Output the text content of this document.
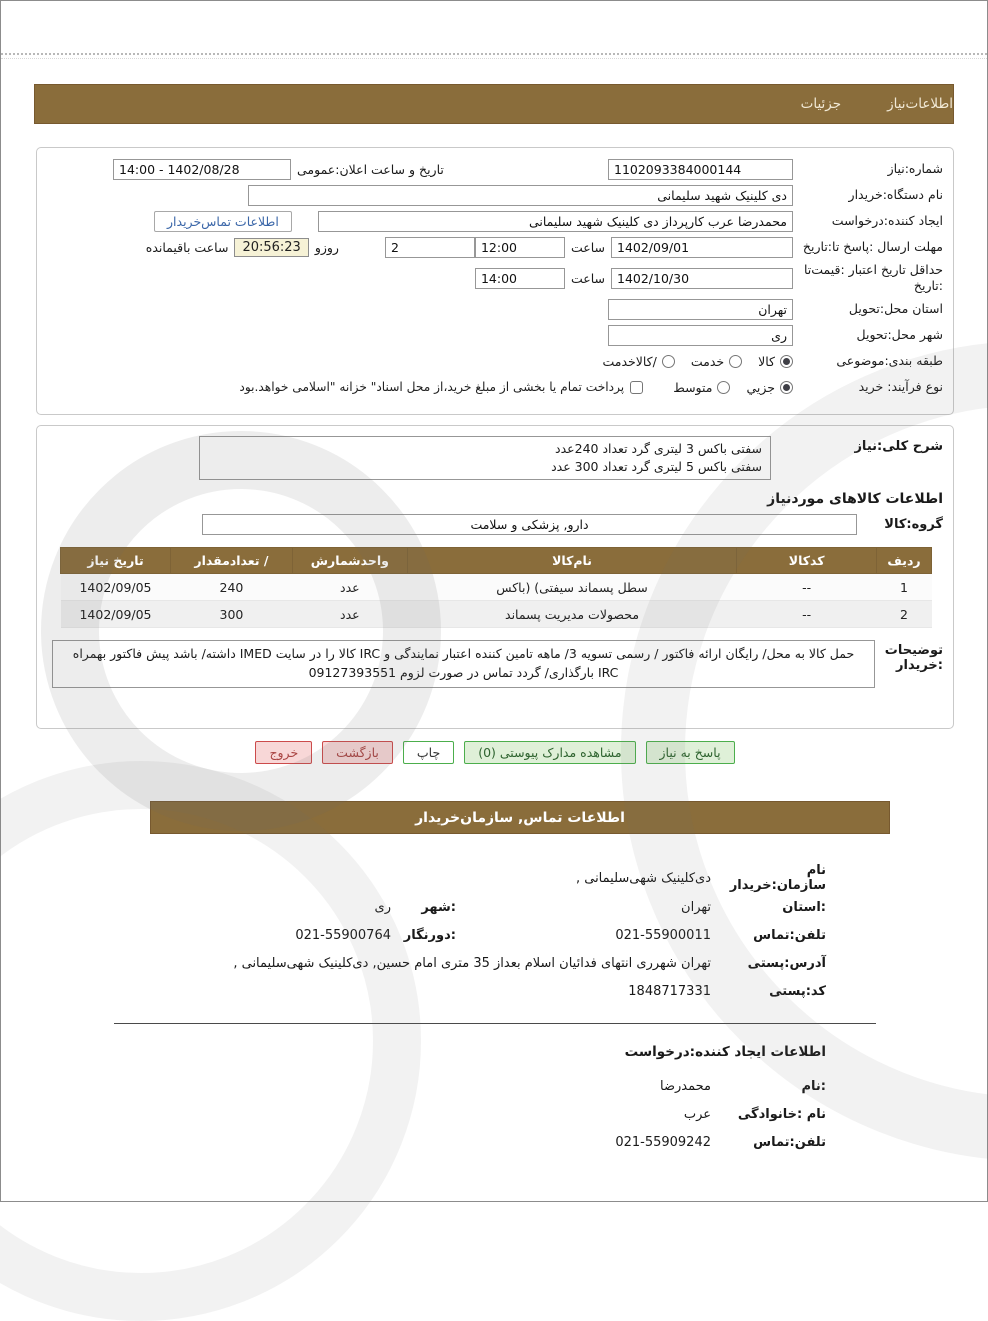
جزئیات	اطلاعات‌نیاز
شماره:نیاز
1102093384000144
تاریخ و ساعت اعلان:عمومی
14:00 - 1402/08/28
نام دستگاه:خریدار
دی کلینیک شهید سلیمانی
ایجاد کننده:درخواست
محمدرضا عرب کارپرداز دی کلینیک شهید سلیمانی
اطلاعات تماس‌خریدار
مهلت ارسال :پاسخ تا:تاریخ
1402/09/01
ساعت
12:00
2
روزو
20:56:23
ساعت باقیمانده
حداقل تاریخ اعتبار :قیمت‌تا
:تاریخ
1402/10/30
ساعت
14:00
استان محل:تحویل
تهران
شهر محل:تحویل
ری
طبقه بندی:موضوعی
کالا
خدمت
/کالاخدمت
نوع فرآیند: خرید
جزيي
متوسط
پرداخت تمام یا بخشی از مبلغ خرید،از محل اسناد" خزانه "اسلامی خواهد.بود
شرح کلی:نیاز
سفتی باکس 3 لیتری گرد تعداد 240عدد
سفتی باکس 5 لیتری گرد تعداد 300 عدد
اطلاعات کالاهای موردنیاز
گروه:کالا
دارو, پزشکی و سلامت
ردیف	کدکالا	نام‌کالا	واحدشمارش	/ تعدادمقدار	تاریخ نیاز
1	--	سطل پسماند سیفتی) (باکس	عدد	240	1402/09/05
2	--	محصولات مدیریت پسماند	عدد	300	1402/09/05
توضیحات
:خریدار
حمل کالا به محل/ رایگان ارائه فاکتور / رسمی تسویه 3/ ماهه تامین کننده اعتبار نمایندگی و IRC کالا را در سایت IMED داشته/ باشد پیش فاکتور بهمراه IRC بارگذاری/ گردد تماس در صورت لزوم 09127393551
پاسخ به نیاز
مشاهده مدارک پیوستی (0)
چاپ
بازگشت
خروج
اطلاعات تماس, سازمان‌خریدار
نام سازمان:خریدار
دی‌کلینیک شهی‌سلیمانی ,
:استان
تهران
:شهر
ری
تلفن:تماس
021-55900011
:دورنگار
021-55900764
آدرس:پستی
تهران شهرری انتهای فدائیان اسلام بعداز 35 متری امام حسین, دی‌کلینیک شهی‌سلیمانی ,
کد:پستی
1848717331
اطلاعات ایجاد کننده:درخواست
:نام
محمدرضا
نام :خانوادگی
عرب
تلفن:تماس
021-55909242
